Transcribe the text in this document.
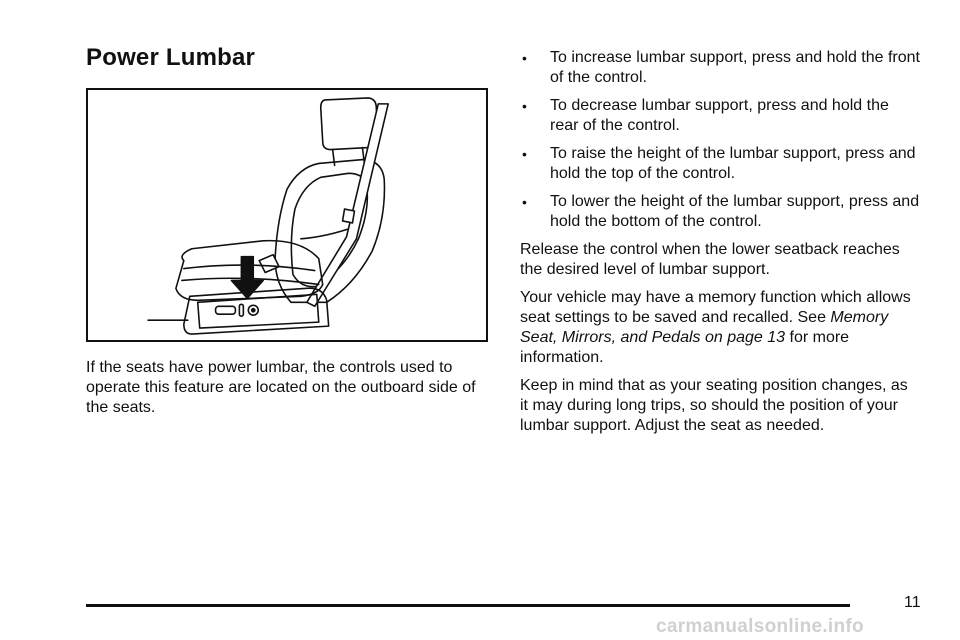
Power Lumbar

If the seats have power lumbar, the controls used to operate this feature are located on the outboard side of the seats.

• To increase lumbar support, press and hold the front of the control.
• To decrease lumbar support, press and hold the rear of the control.
• To raise the height of the lumbar support, press and hold the top of the control.
• To lower the height of the lumbar support, press and hold the bottom of the control.

Release the control when the lower seatback reaches the desired level of lumbar support.

Your vehicle may have a memory function which allows seat settings to be saved and recalled. See Memory Seat, Mirrors, and Pedals on page 13 for more information.

Keep in mind that as your seating position changes, as it may during long trips, so should the position of your lumbar support. Adjust the seat as needed.

11
carmanualsonline.info
